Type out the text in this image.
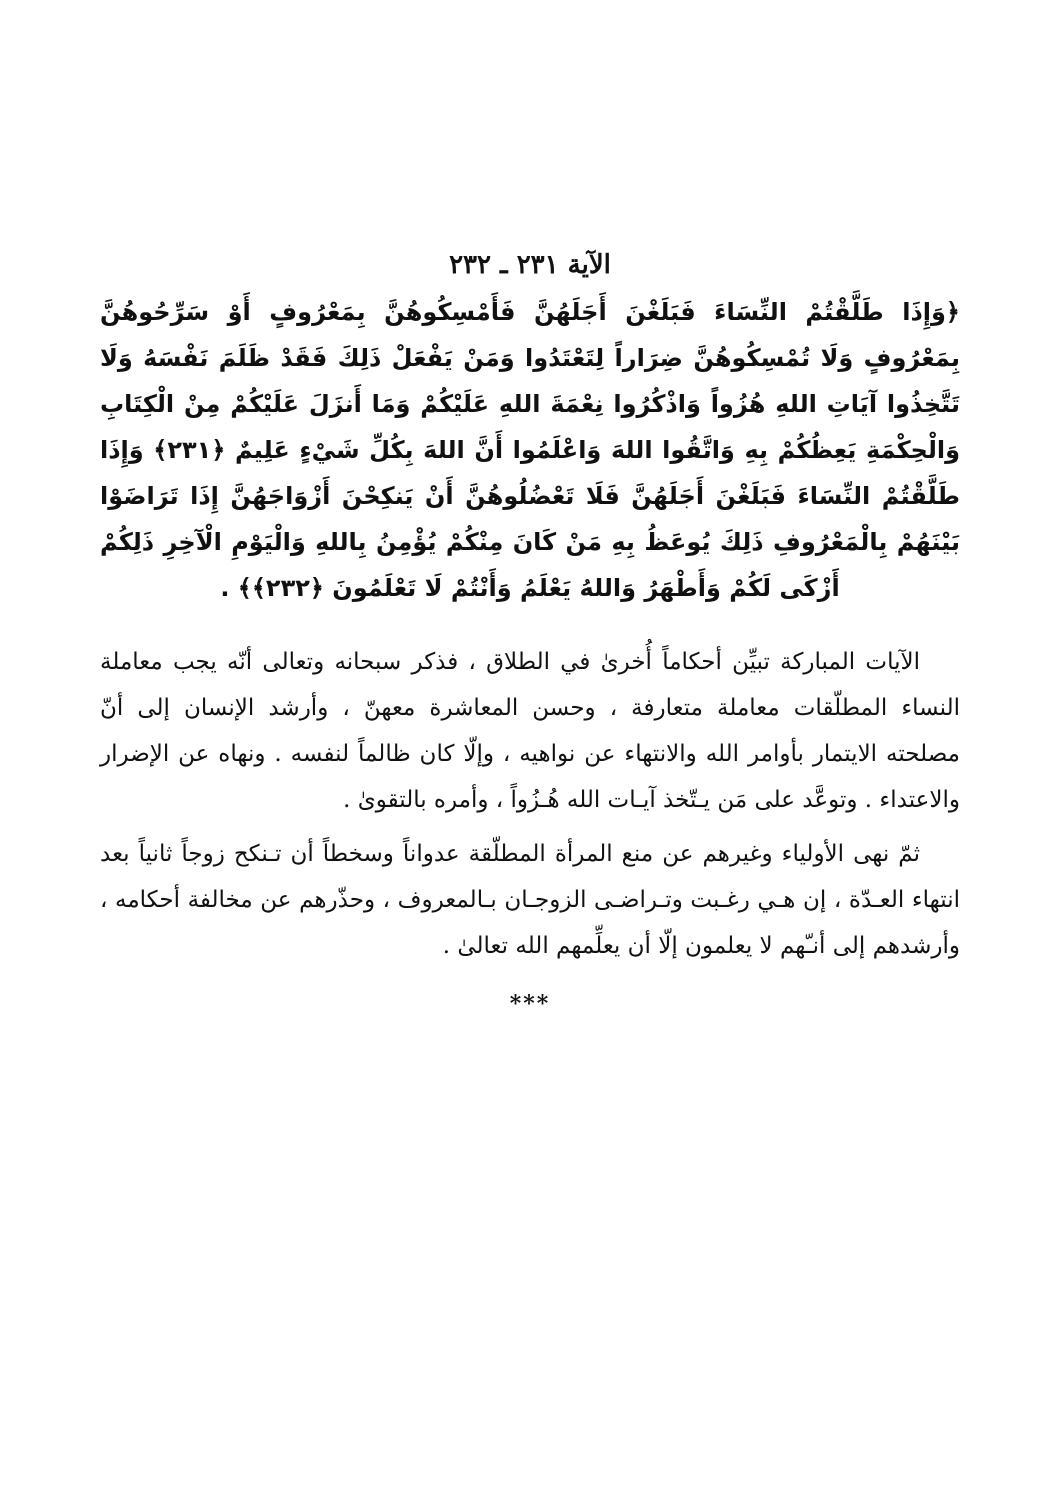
الآية ٢٣١ ـ ٢٣٢

﴿وَإِذَا طَلَّقْتُمْ النِّسَاءَ فَبَلَغْنَ أَجَلَهُنَّ فَأَمْسِكُوهُنَّ بِمَعْرُوفٍ أَوْ سَرِّحُوهُنَّ بِمَعْرُوفٍ وَلَا تُمْسِكُوهُنَّ ضِرَاراً لِتَعْتَدُوا وَمَنْ يَفْعَلْ ذَلِكَ فَقَدْ ظَلَمَ نَفْسَهُ وَلَا تَتَّخِذُوا آيَاتِ اللهِ هُزُواً وَاذْكُرُوا نِعْمَةَ اللهِ عَلَيْكُمْ وَمَا أَنزَلَ عَلَيْكُمْ مِنْ الْكِتَابِ وَالْحِكْمَةِ يَعِظُكُمْ بِهِ وَاتَّقُوا اللهَ وَاعْلَمُوا أَنَّ اللهَ بِكُلِّ شَيْءٍ عَلِيمٌ ﴿٢٣١﴾ وَإِذَا طَلَّقْتُمْ النِّسَاءَ فَبَلَغْنَ أَجَلَهُنَّ فَلَا تَعْضُلُوهُنَّ أَنْ يَنكِحْنَ أَزْوَاجَهُنَّ إِذَا تَرَاضَوْا بَيْنَهُمْ بِالْمَعْرُوفِ ذَلِكَ يُوعَظُ بِهِ مَنْ كَانَ مِنْكُمْ يُؤْمِنُ بِاللهِ وَالْيَوْمِ الْآخِرِ ذَلِكُمْ أَزْكَى لَكُمْ وَأَطْهَرُ وَاللهُ يَعْلَمُ وَأَنْتُمْ لَا تَعْلَمُونَ ﴿٢٣٢﴾﴾ .

الآيات المباركة تبيِّن أحكاماً أُخرىٰ في الطلاق ، فذكر سبحانه وتعالى أنّه يجب معاملة النساء المطلّقات معاملة متعارفة ، وحسن المعاشرة معهنّ ، وأرشد الإنسان إلى أنّ مصلحته الايتمار بأوامر الله والانتهاء عن نواهيه ، وإلّا كان ظالماً لنفسه . ونهاه عن الإضرار والاعتداء . وتوعَّد على مَن يـتّخذ آيـات الله هُـزُواً ، وأمره بالتقوىٰ .

ثمّ نهى الأولياء وغيرهم عن منع المرأة المطلّقة عدواناً وسخطاً أن تـنكح زوجاً ثانياً بعد انتهاء العـدّة ، إن هـي رغـبت وتـراضـى الزوجـان بـالمعروف ، وحذّرهم عن مخالفة أحكامه ، وأرشدهم إلى أنـّهم لا يعلمون إلّا أن يعلِّمهم الله تعالىٰ .

***
